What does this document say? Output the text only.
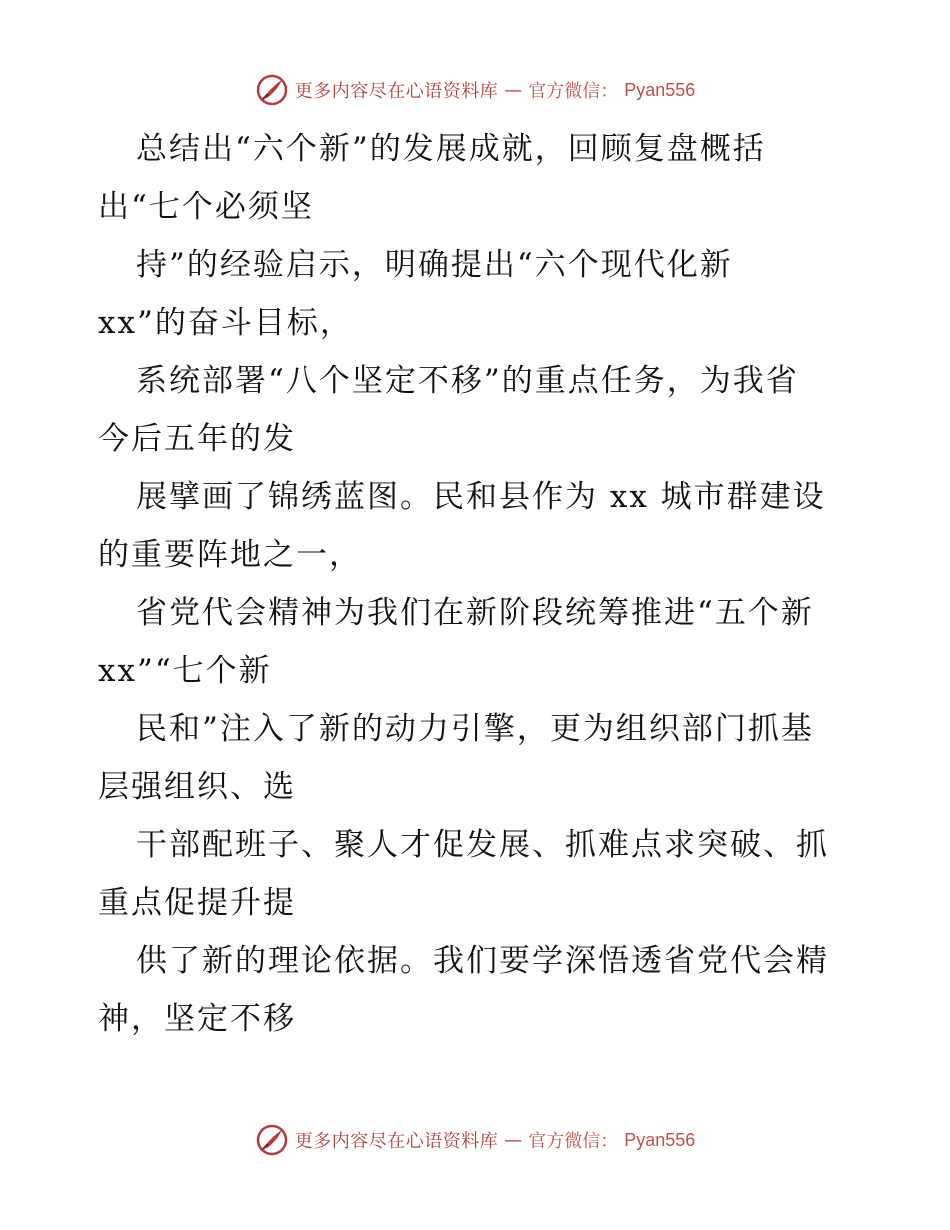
更多内容尽在心语资料库 — 官方微信： Pyan556
总结出“六个新”的发展成就，回顾复盘概括
出“七个必须坚
持”的经验启示，明确提出“六个现代化新
xx”的奋斗目标，
系统部署“八个坚定不移”的重点任务，为我省
今后五年的发
展擘画了锦绣蓝图。民和县作为 xx 城市群建设
的重要阵地之一，
省党代会精神为我们在新阶段统筹推进“五个新
xx”“七个新
民和”注入了新的动力引擎，更为组织部门抓基
层强组织、选
干部配班子、聚人才促发展、抓难点求突破、抓
重点促提升提
供了新的理论依据。我们要学深悟透省党代会精
神，坚定不移
更多内容尽在心语资料库 — 官方微信： Pyan556
